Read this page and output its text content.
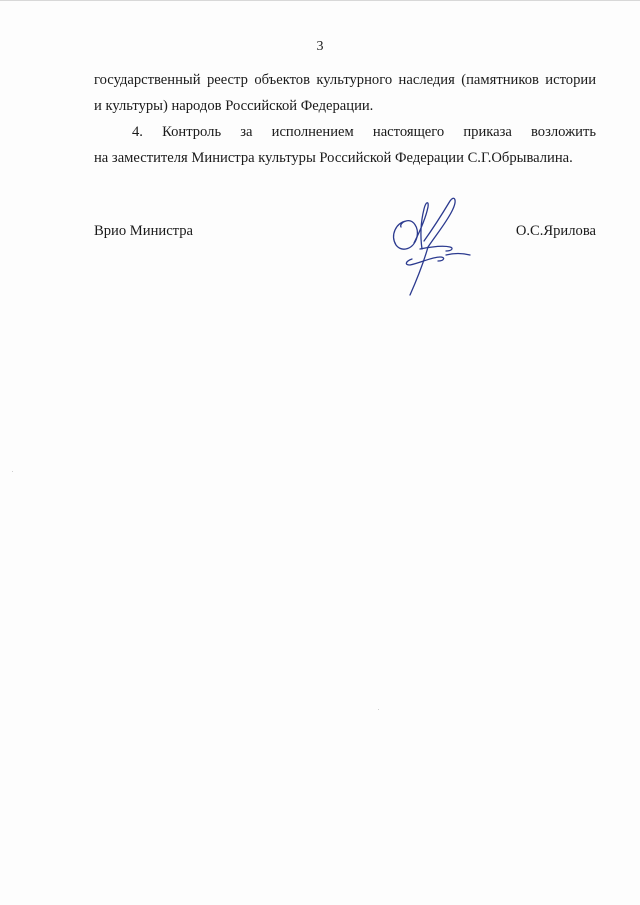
3

государственный реестр объектов культурного наследия (памятников истории
и культуры) народов Российской Федерации.

4. Контроль за исполнением настоящего приказа возложить
на заместителя Министра культуры Российской Федерации С.Г.Обрывалина.

Врио Министра	О.С.Ярилова
